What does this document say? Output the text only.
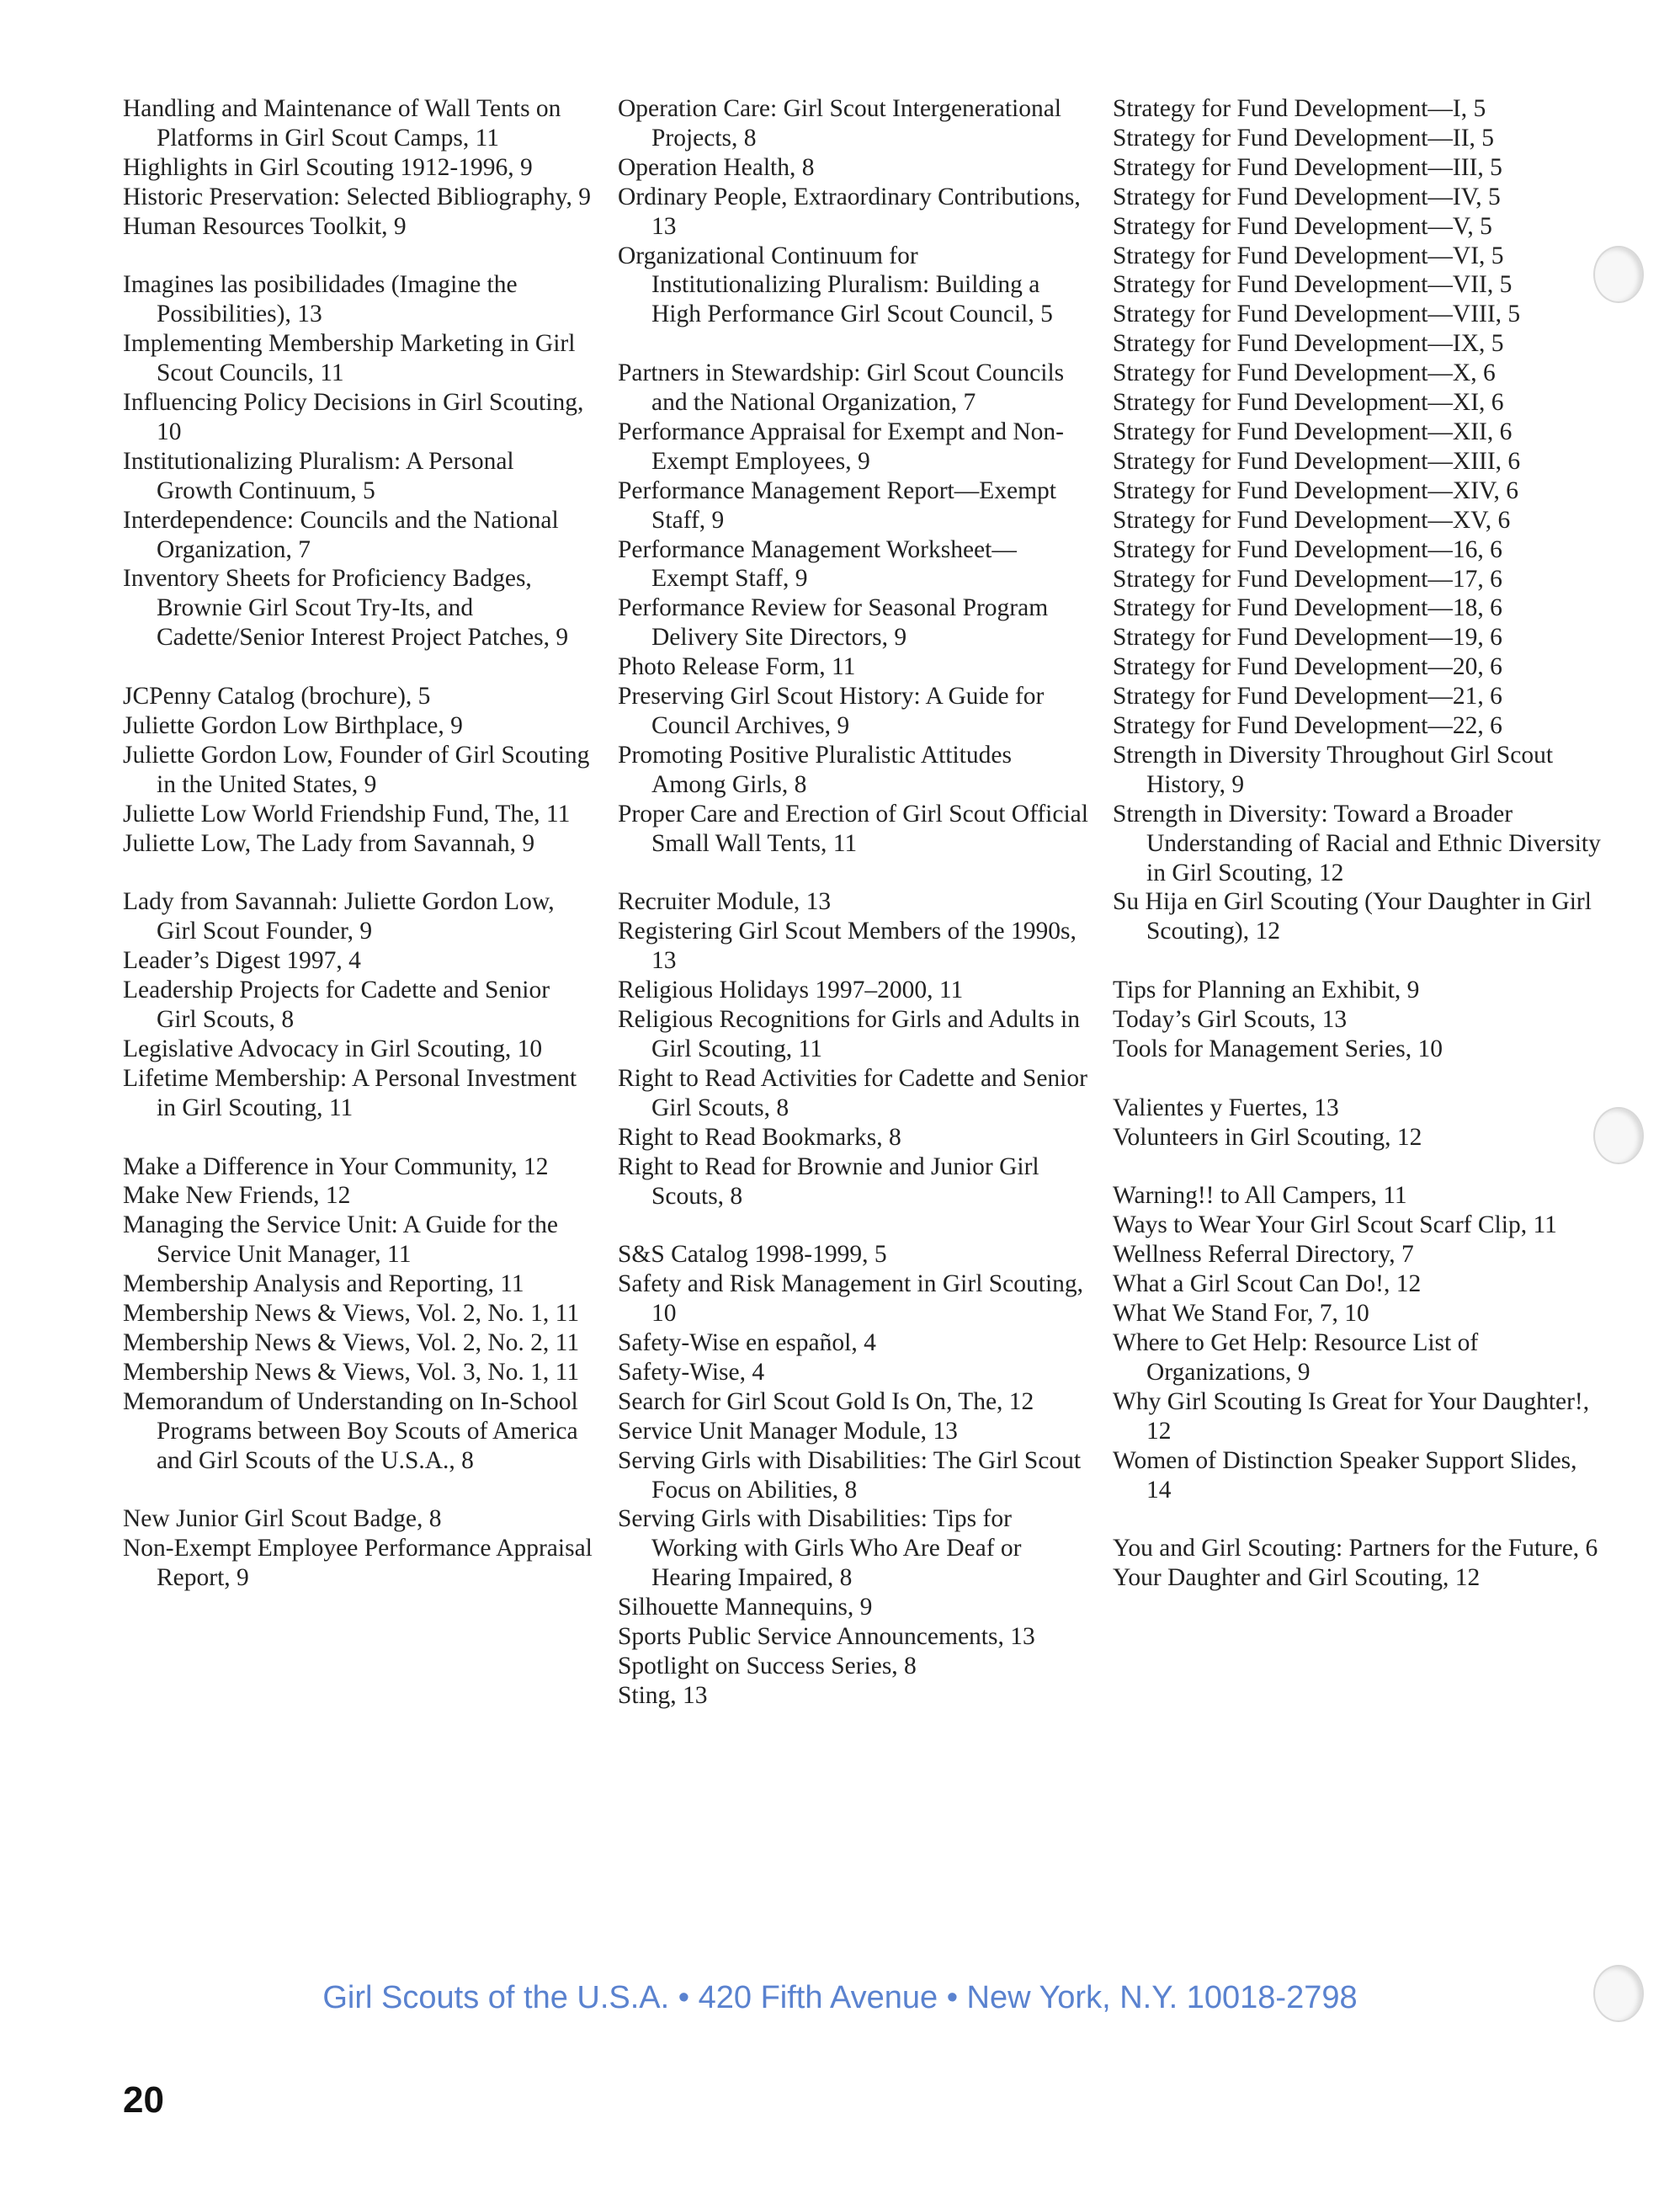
Handling and Maintenance of Wall Tents on Platforms in Girl Scout Camps, 11

Highlights in Girl Scouting 1912-1996, 9

Historic Preservation: Selected Bibliography, 9

Human Resources Toolkit, 9

Imagines las posibilidades (Imagine the Possibilities), 13

Implementing Membership Marketing in Girl Scout Councils, 11

Influencing Policy Decisions in Girl Scouting, 10

Institutionalizing Pluralism: A Personal Growth Continuum, 5

Interdependence: Councils and the National Organization, 7

Inventory Sheets for Proficiency Badges, Brownie Girl Scout Try-Its, and Cadette/Senior Interest Project Patches, 9

JCPenny Catalog (brochure), 5

Juliette Gordon Low Birthplace, 9

Juliette Gordon Low, Founder of Girl Scouting in the United States, 9

Juliette Low World Friendship Fund, The, 11

Juliette Low, The Lady from Savannah, 9

Lady from Savannah: Juliette Gordon Low, Girl Scout Founder, 9

Leader’s Digest 1997, 4

Leadership Projects for Cadette and Senior Girl Scouts, 8

Legislative Advocacy in Girl Scouting, 10

Lifetime Membership: A Personal Investment in Girl Scouting, 11

Make a Difference in Your Community, 12

Make New Friends, 12

Managing the Service Unit: A Guide for the Service Unit Manager, 11

Membership Analysis and Reporting, 11

Membership News & Views, Vol. 2, No. 1, 11

Membership News & Views, Vol. 2, No. 2, 11

Membership News & Views, Vol. 3, No. 1, 11

Memorandum of Understanding on In-School Programs between Boy Scouts of America and Girl Scouts of the U.S.A., 8

New Junior Girl Scout Badge, 8

Non-Exempt Employee Performance Appraisal Report, 9

Operation Care: Girl Scout Intergenerational Projects, 8

Operation Health, 8

Ordinary People, Extraordinary Contributions, 13

Organizational Continuum for Institutionalizing Pluralism: Building a High Performance Girl Scout Council, 5

Partners in Stewardship: Girl Scout Councils and the National Organization, 7

Performance Appraisal for Exempt and Non-Exempt Employees, 9

Performance Management Report—Exempt Staff, 9

Performance Management Worksheet—Exempt Staff, 9

Performance Review for Seasonal Program Delivery Site Directors, 9

Photo Release Form, 11

Preserving Girl Scout History: A Guide for Council Archives, 9

Promoting Positive Pluralistic Attitudes Among Girls, 8

Proper Care and Erection of Girl Scout Official Small Wall Tents, 11

Recruiter Module, 13

Registering Girl Scout Members of the 1990s, 13

Religious Holidays 1997–2000, 11

Religious Recognitions for Girls and Adults in Girl Scouting, 11

Right to Read Activities for Cadette and Senior Girl Scouts, 8

Right to Read Bookmarks, 8

Right to Read for Brownie and Junior Girl Scouts, 8

S&S Catalog 1998-1999, 5

Safety and Risk Management in Girl Scouting, 10

Safety-Wise en español, 4

Safety-Wise, 4

Search for Girl Scout Gold Is On, The, 12

Service Unit Manager Module, 13

Serving Girls with Disabilities: The Girl Scout Focus on Abilities, 8

Serving Girls with Disabilities: Tips for Working with Girls Who Are Deaf or Hearing Impaired, 8

Silhouette Mannequins, 9

Sports Public Service Announcements, 13

Spotlight on Success Series, 8

Sting, 13

Strategy for Fund Development—I, 5

Strategy for Fund Development—II, 5

Strategy for Fund Development—III, 5

Strategy for Fund Development—IV, 5

Strategy for Fund Development—V, 5

Strategy for Fund Development—VI, 5

Strategy for Fund Development—VII, 5

Strategy for Fund Development—VIII, 5

Strategy for Fund Development—IX, 5

Strategy for Fund Development—X, 6

Strategy for Fund Development—XI, 6

Strategy for Fund Development—XII, 6

Strategy for Fund Development—XIII, 6

Strategy for Fund Development—XIV, 6

Strategy for Fund Development—XV, 6

Strategy for Fund Development—16, 6

Strategy for Fund Development—17, 6

Strategy for Fund Development—18, 6

Strategy for Fund Development—19, 6

Strategy for Fund Development—20, 6

Strategy for Fund Development—21, 6

Strategy for Fund Development—22, 6

Strength in Diversity Throughout Girl Scout History, 9

Strength in Diversity: Toward a Broader Understanding of Racial and Ethnic Diversity in Girl Scouting, 12

Su Hija en Girl Scouting (Your Daughter in Girl Scouting), 12

Tips for Planning an Exhibit, 9

Today’s Girl Scouts, 13

Tools for Management Series, 10

Valientes y Fuertes, 13

Volunteers in Girl Scouting, 12

Warning!! to All Campers, 11

Ways to Wear Your Girl Scout Scarf Clip, 11

Wellness Referral Directory, 7

What a Girl Scout Can Do!, 12

What We Stand For, 7, 10

Where to Get Help: Resource List of Organizations, 9

Why Girl Scouting Is Great for Your Daughter!, 12

Women of Distinction Speaker Support Slides, 14

You and Girl Scouting: Partners for the Future, 6

Your Daughter and Girl Scouting, 12

Girl Scouts of the U.S.A. • 420 Fifth Avenue • New York, N.Y. 10018-2798
20
